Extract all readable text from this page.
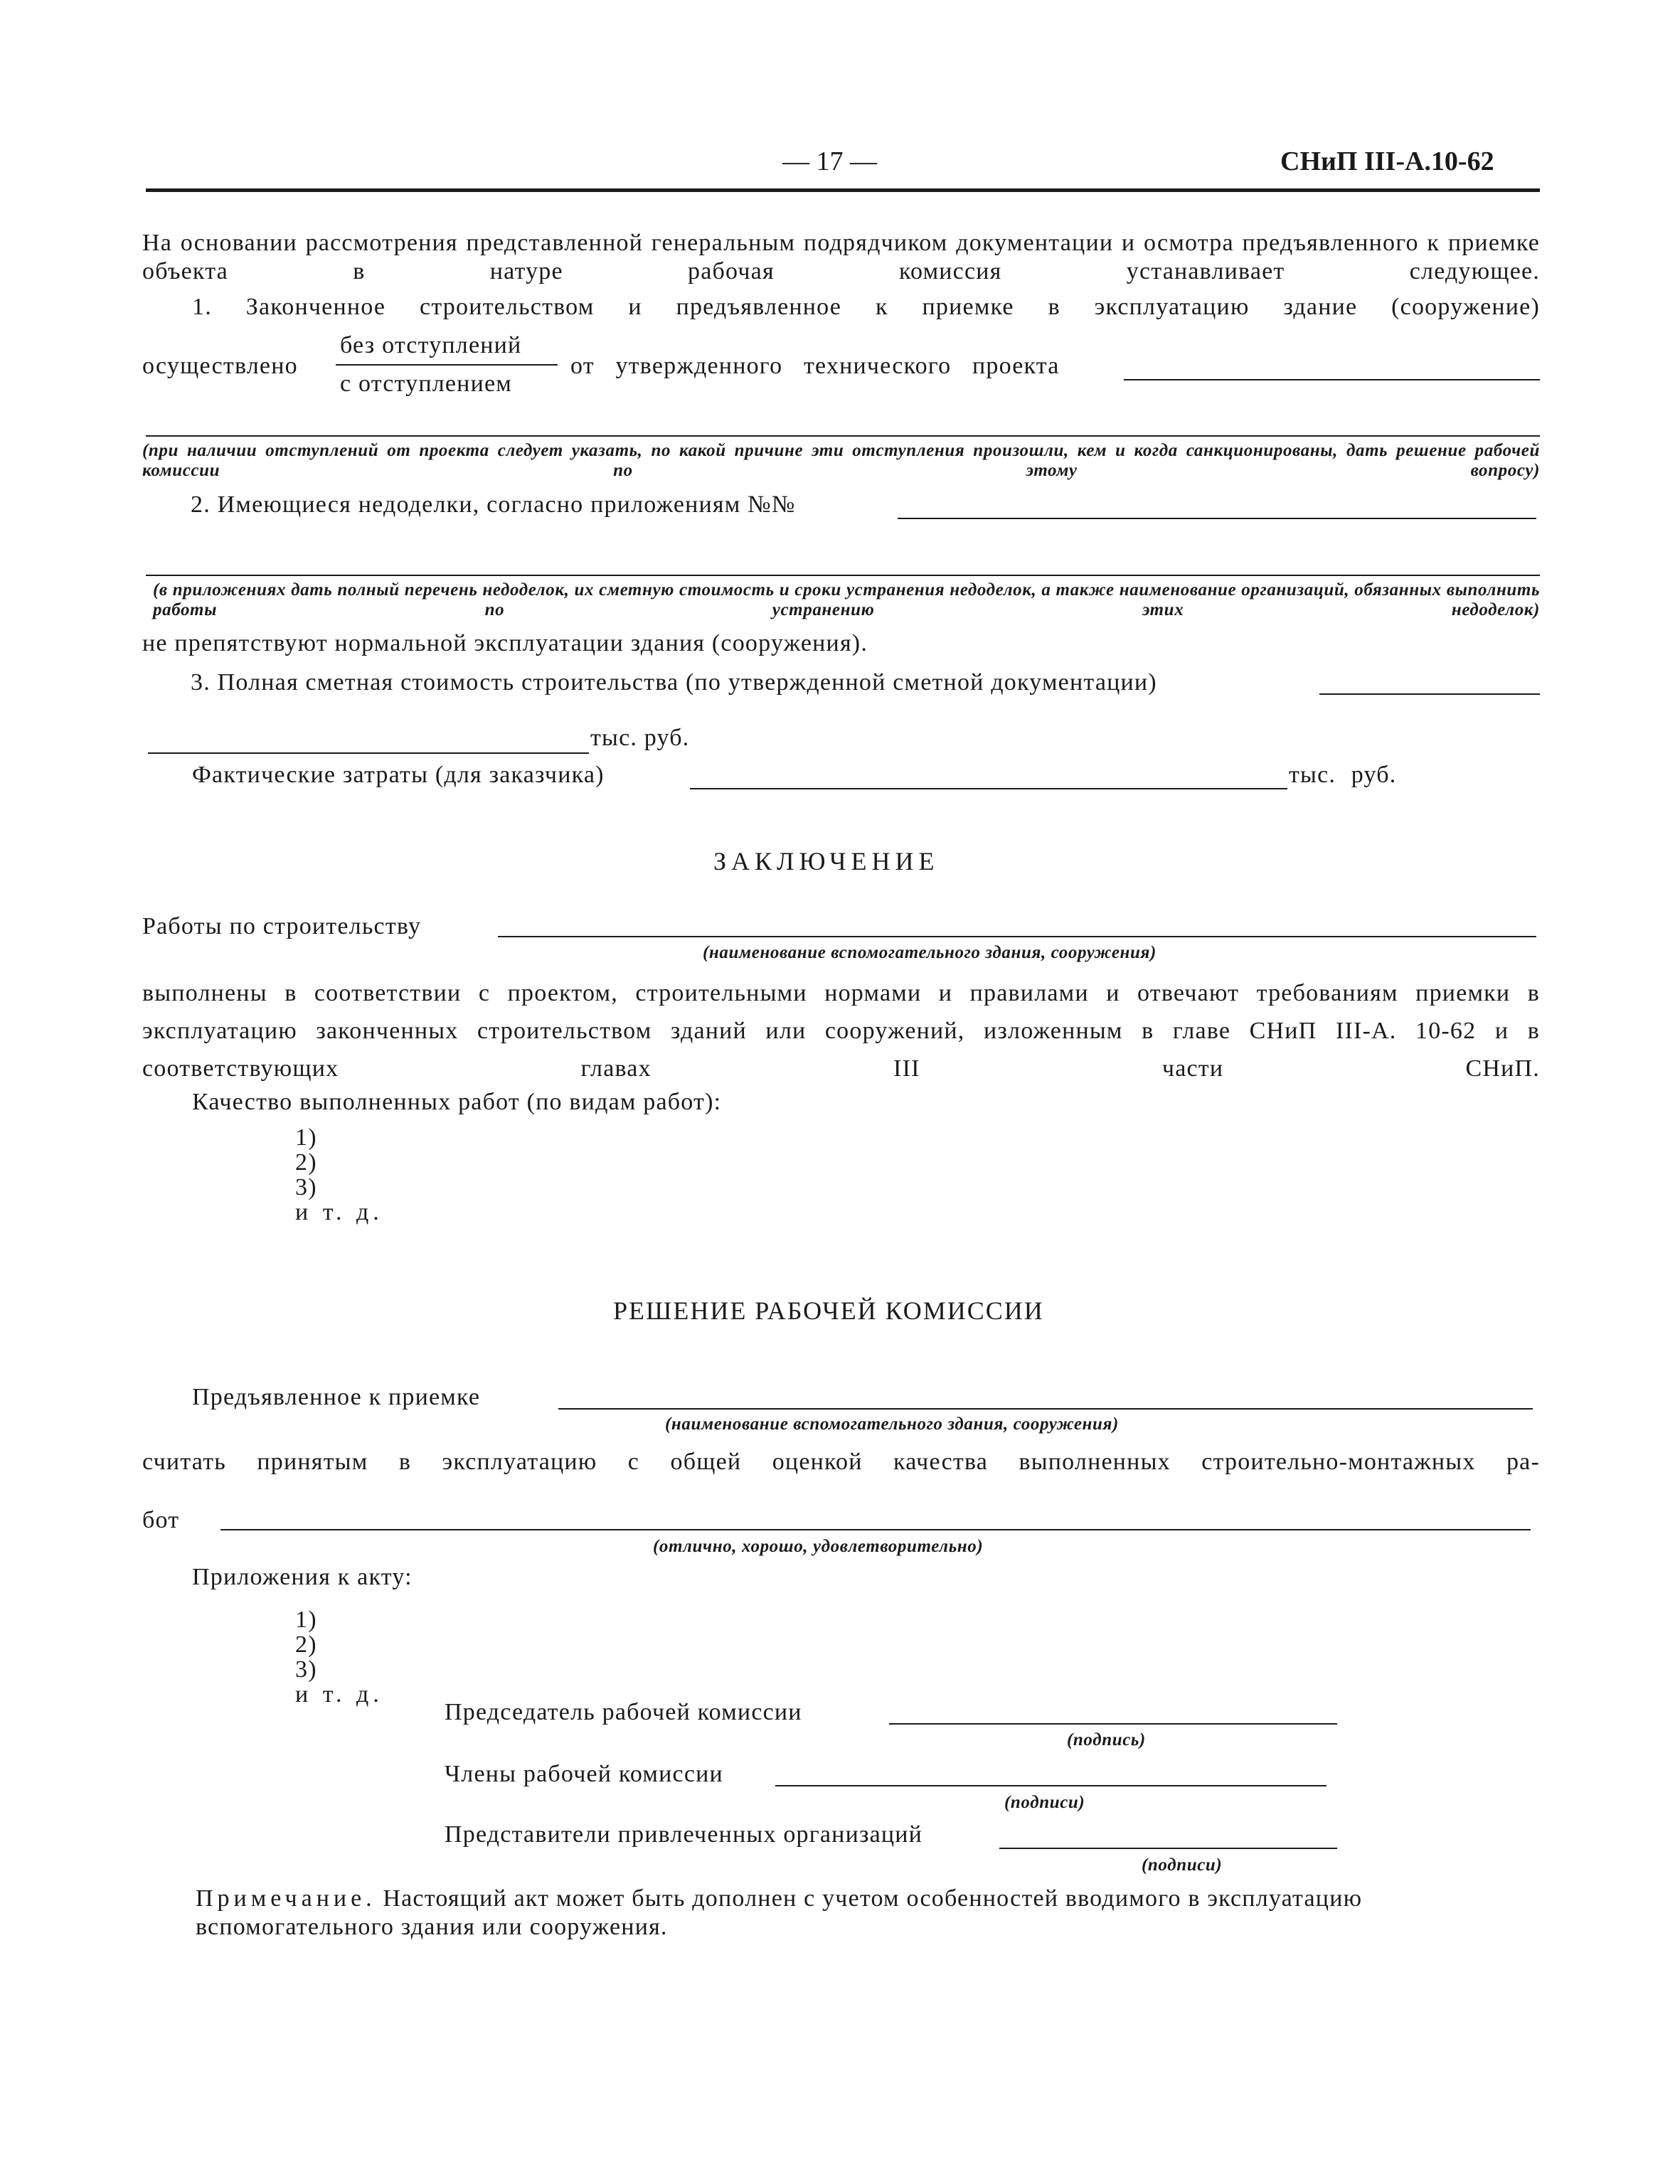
— 17 —	СНиП III-А.10-62
На основании рассмотрения представленной генеральным подрядчиком документации и осмотра предъявленного к приемке объекта в натуре рабочая комиссия устанавливает следующее.
1. Законченное строительством и предъявленное к приемке в эксплуатацию здание (сооружение)
осуществлено
без отступлений
с отступлением
от утвержденного технического проекта
(при наличии отступлений от проекта следует указать, по какой причине эти отступления произошли, кем и когда санкционированы, дать решение рабочей комиссии по этому вопросу)
2. Имеющиеся недоделки, согласно приложениям №№
(в приложениях дать полный перечень недоделок, их сметную стоимость и сроки устранения недоделок, а также наименование организаций, обязанных выполнить работы по устранению этих недоделок)
не препятствуют нормальной эксплуатации здания (сооружения).
3. Полная сметная стоимость строительства (по утвержденной сметной документации)
тыс. руб.
Фактические затраты (для заказчика)	тыс. руб.
ЗАКЛЮЧЕНИЕ
Работы по строительству
(наименование вспомогательного здания, сооружения)
выполнены в соответствии с проектом, строительными нормами и правилами и отвечают требованиям приемки в эксплуатацию законченных строительством зданий или сооружений, изложенным в главе СНиП III-А. 10-62 и в соответствующих главах III части СНиП.
Качество выполненных работ (по видам работ):
1)
2)
3)
и т. д.
РЕШЕНИЕ РАБОЧЕЙ КОМИССИИ
Предъявленное к приемке
(наименование вспомогательного здания, сооружения)
считать принятым в эксплуатацию с общей оценкой качества выполненных строительно-монтажных ра-
бот
(отлично, хорошо, удовлетворительно)
Приложения к акту:
1)
2)
3)
и т. д.
Председатель рабочей комиссии
(подпись)
Члены рабочей комиссии
(подписи)
Представители привлеченных организаций
(подписи)
Примечание. Настоящий акт может быть дополнен с учетом особенностей вводимого в эксплуатацию вспомогательного здания или сооружения.
